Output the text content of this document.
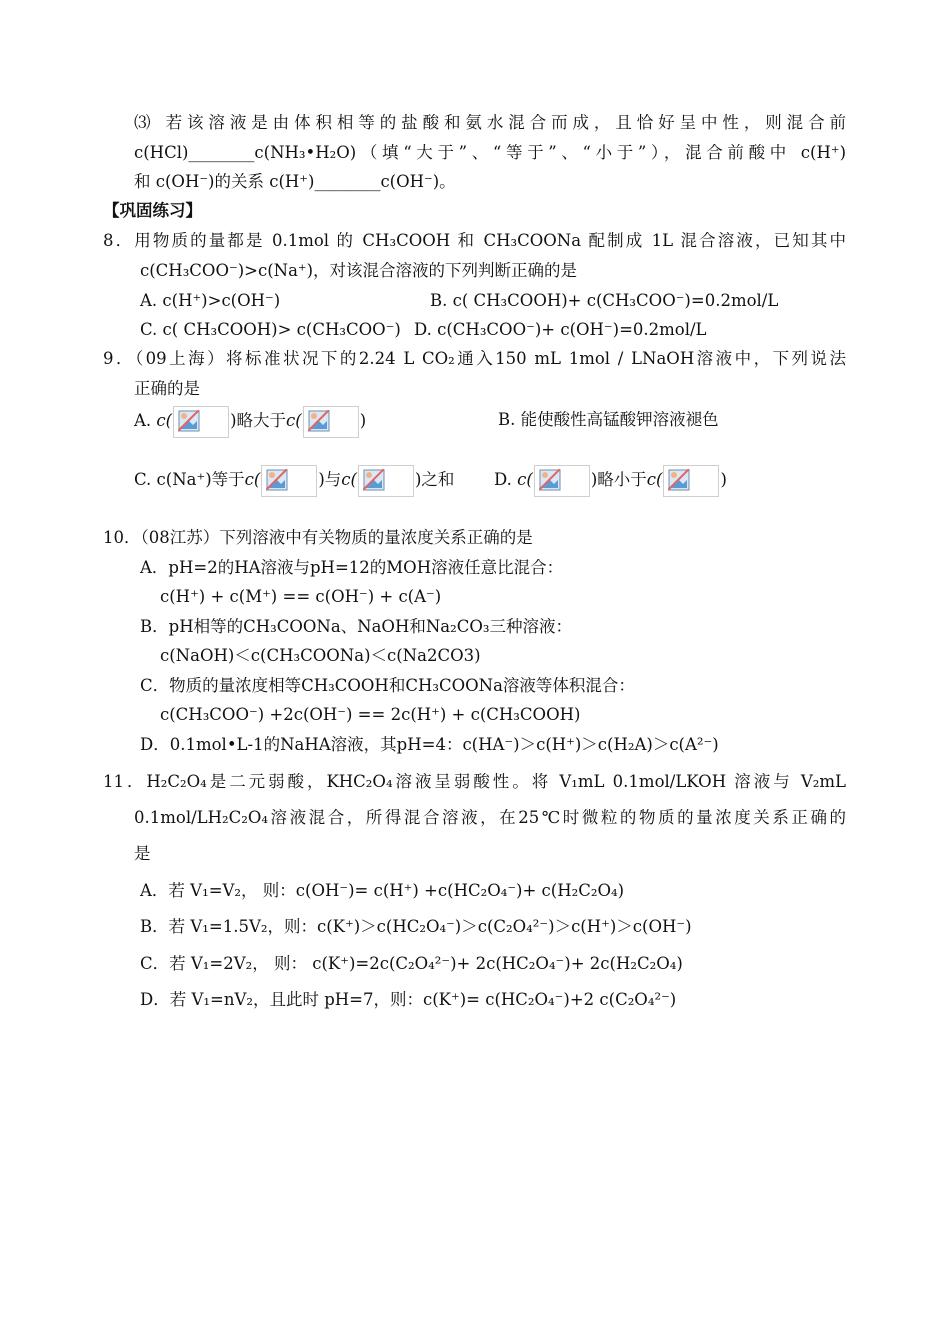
⑶ 若该溶液是由体积相等的盐酸和氨水混合而成，且恰好呈中性，则混合前
c(HCl)________c(NH₃•H₂O)（填“大于”、“等于”、“小于”），混合前酸中 c(H⁺)
和 c(OH⁻)的关系 c(H⁺)________c(OH⁻)。
【巩固练习】
8．用物质的量都是 0.1mol 的 CH₃COOH 和 CH₃COONa 配制成 1L 混合溶液，已知其中
c(CH₃COO⁻)>c(Na⁺)，对该混合溶液的下列判断正确的是
A. c(H⁺)>c(OH⁻)	B. c( CH₃COOH)+ c(CH₃COO⁻)=0.2mol/L
C. c( CH₃COOH)> c(CH₃COO⁻) D. c(CH₃COO⁻)+ c(OH⁻)=0.2mol/L
9．（09上海）将标准状况下的2.24 L CO₂通入150 mL 1mol / LNaOH溶液中，下列说法
正确的是
A. c(	)略大于c(	)	B. 能使酸性高锰酸钾溶液褪色
C. c(Na⁺)等于c(	)与c(	)之和 D. c(	)略小于c(	)
10．（08江苏）下列溶液中有关物质的量浓度关系正确的是
A．pH=2的HA溶液与pH=12的MOH溶液任意比混合：
c(H⁺) + c(M⁺) == c(OH⁻) + c(A⁻)
B．pH相等的CH₃COONa、NaOH和Na₂CO₃三种溶液：
c(NaOH)＜c(CH₃COONa)＜c(Na2CO3)
C．物质的量浓度相等CH₃COOH和CH₃COONa溶液等体积混合：
c(CH₃COO⁻) +2c(OH⁻) == 2c(H⁺) + c(CH₃COOH)
D．0.1mol•L-1的NaHA溶液，其pH=4：c(HA⁻)＞c(H⁺)＞c(H₂A)＞c(A²⁻)
11．H₂C₂O₄是二元弱酸，KHC₂O₄溶液呈弱酸性。将 V₁mL 0.1mol/LKOH 溶液与 V₂mL
0.1mol/LH₂C₂O₄溶液混合，所得混合溶液，在25℃时微粒的物质的量浓度关系正确的
是
A．若 V₁=V₂， 则：c(OH⁻)= c(H⁺) +c(HC₂O₄⁻)+ c(H₂C₂O₄)
B．若 V₁=1.5V₂，则：c(K⁺)＞c(HC₂O₄⁻)＞c(C₂O₄²⁻)＞c(H⁺)＞c(OH⁻)
C．若 V₁=2V₂， 则： c(K⁺)=2c(C₂O₄²⁻)+ 2c(HC₂O₄⁻)+ 2c(H₂C₂O₄)
D．若 V₁=nV₂，且此时 pH=7，则：c(K⁺)= c(HC₂O₄⁻)+2 c(C₂O₄²⁻)
